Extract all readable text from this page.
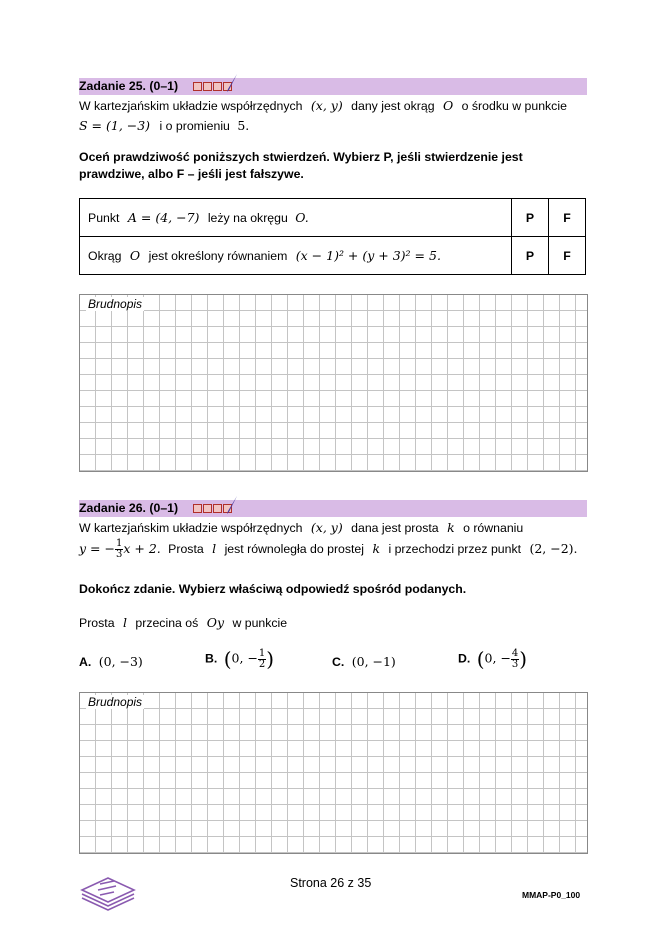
Zadanie 25. (0–1)
W kartezjańskim układzie współrzędnych (x, y) dany jest okrąg O o środku w punkcie
S = (1, −3) i o promieniu 5.
Oceń prawdziwość poniższych stwierdzeń. Wybierz P, jeśli stwierdzenie jest
prawdziwe, albo F – jeśli jest fałszywe.
Punkt A = (4, −7) leży na okręgu O.	P	F
Okrąg O jest określony równaniem (x − 1)² + (y + 3)² = 5.	P	F
Brudnopis
Zadanie 26. (0–1)
W kartezjańskim układzie współrzędnych (x, y) dana jest prosta k o równaniu
y = − $\frac{1}{3}$ x + 2. Prosta l jest równoległa do prostej k i przechodzi przez punkt (2, −2).
Dokończ zdanie. Wybierz właściwą odpowiedź spośród podanych.
Prosta l przecina oś Oy w punkcie
A. (0, −3)	B. (0, − $\frac{1}{2}$ )	C. (0, −1)	D. (0, − $\frac{4}{3}$ )
Brudnopis
Strona 26 z 35
MMAP-P0_100
